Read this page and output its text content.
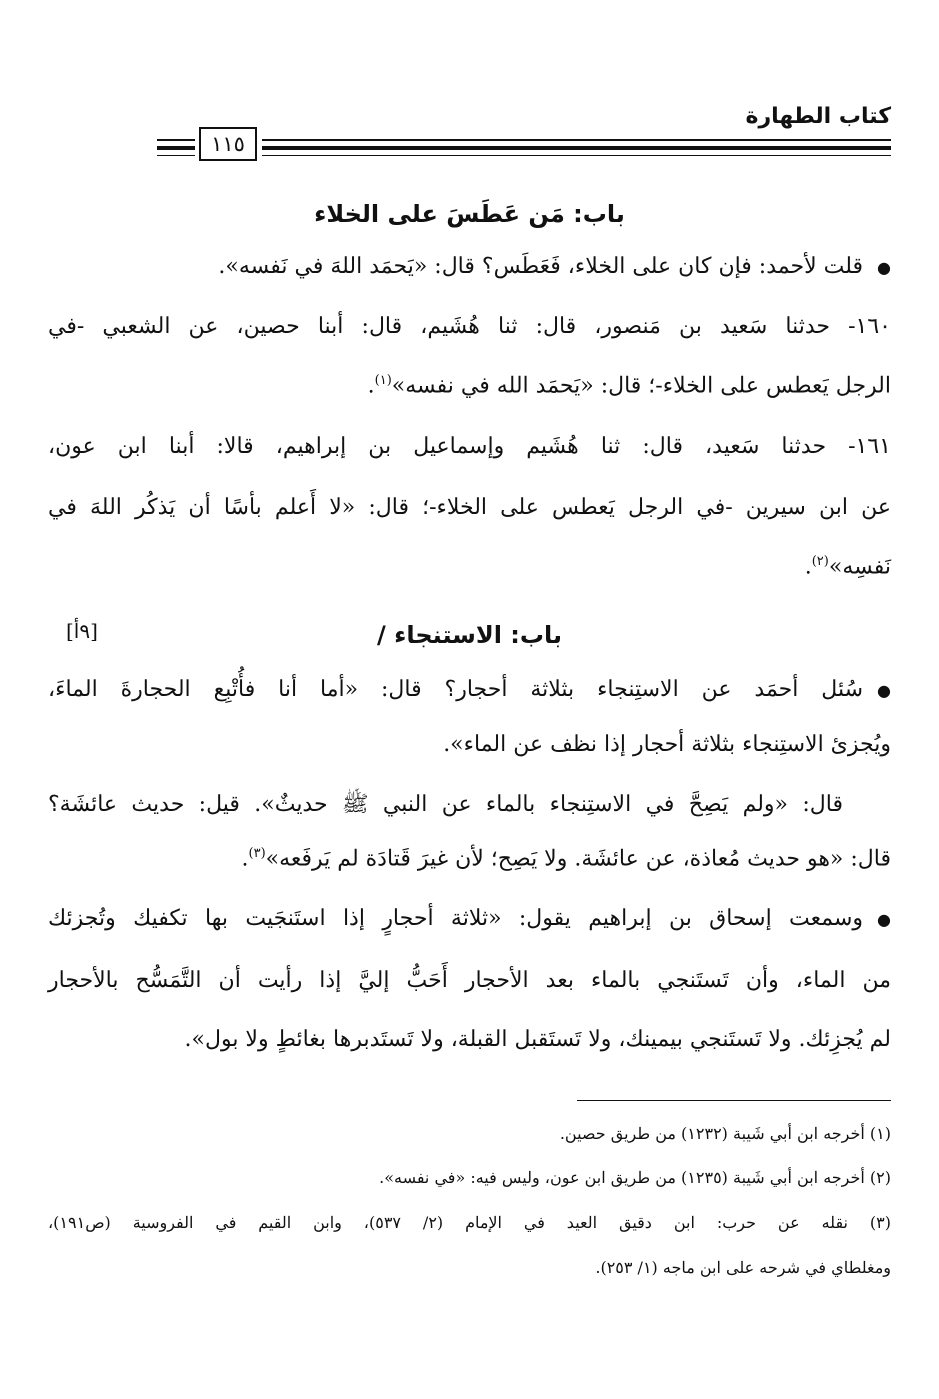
كتاب الطهارة
١١٥
باب: مَن عَطَسَ على الخلاء
●قلت لأحمد: فإن كان على الخلاء، فَعَطَس؟ قال: «يَحمَد اللهَ في نَفسه».
١٦٠- حدثنا سَعيد بن مَنصور، قال: ثنا هُشَيم، قال: أبنا حصين، عن الشعبي -في
الرجل يَعطس على الخلاء-؛ قال: «يَحمَد الله في نفسه»$^{(١)}$.
١٦١- حدثنا سَعيد، قال: ثنا هُشَيم وإسماعيل بن إبراهيم، قالا: أبنا ابن عون،
عن ابن سيرين -في الرجل يَعطس على الخلاء-؛ قال: «لا أَعلم بأسًا أن يَذكُر اللهَ في
نَفسِه»$^{(٢)}$.
باب: الاستنجاء /
[٩أ]
●سُئل أحمَد عن الاستِنجاء بثلاثة أحجار؟ قال: «أما أنا فأُتْبِع الحجارةَ الماءَ،
ويُجزئ الاستِنجاء بثلاثة أحجار إذا نظف عن الماء».
قال: «ولم يَصِحَّ في الاستِنجاء بالماء عن النبي ﷺ حديثٌ». قيل: حديث عائشَة؟
قال: «هو حديث مُعاذة، عن عائشَة. ولا يَصِح؛ لأن غيرَ قَتادَة لم يَرفَعه»$^{(٣)}$.
●وسمعت إسحاق بن إبراهيم يقول: «ثلاثة أحجارٍ إذا استَنجَيت بها تكفيك وتُجزئك
من الماء، وأن تَستَنجي بالماء بعد الأحجار أَحَبُّ إليَّ إذا رأيت أن التَّمَسُّح بالأحجار
لم يُجزِئك. ولا تَستَنجي بيمينك، ولا تَستَقبل القبلة، ولا تَستَدبرها بغائطٍ ولا بول».
(١) أخرجه ابن أبي شَيبة (١٢٣٢) من طريق حصين.
(٢) أخرجه ابن أبي شَيبة (١٢٣٥) من طريق ابن عون، وليس فيه: «في نفسه».
(٣) نقله عن حرب: ابن دقيق العيد في الإمام (٢/ ٥٣٧)، وابن القيم في الفروسية (ص١٩١)،
ومغلطاي في شرحه على ابن ماجه (١/ ٢٥٣).
